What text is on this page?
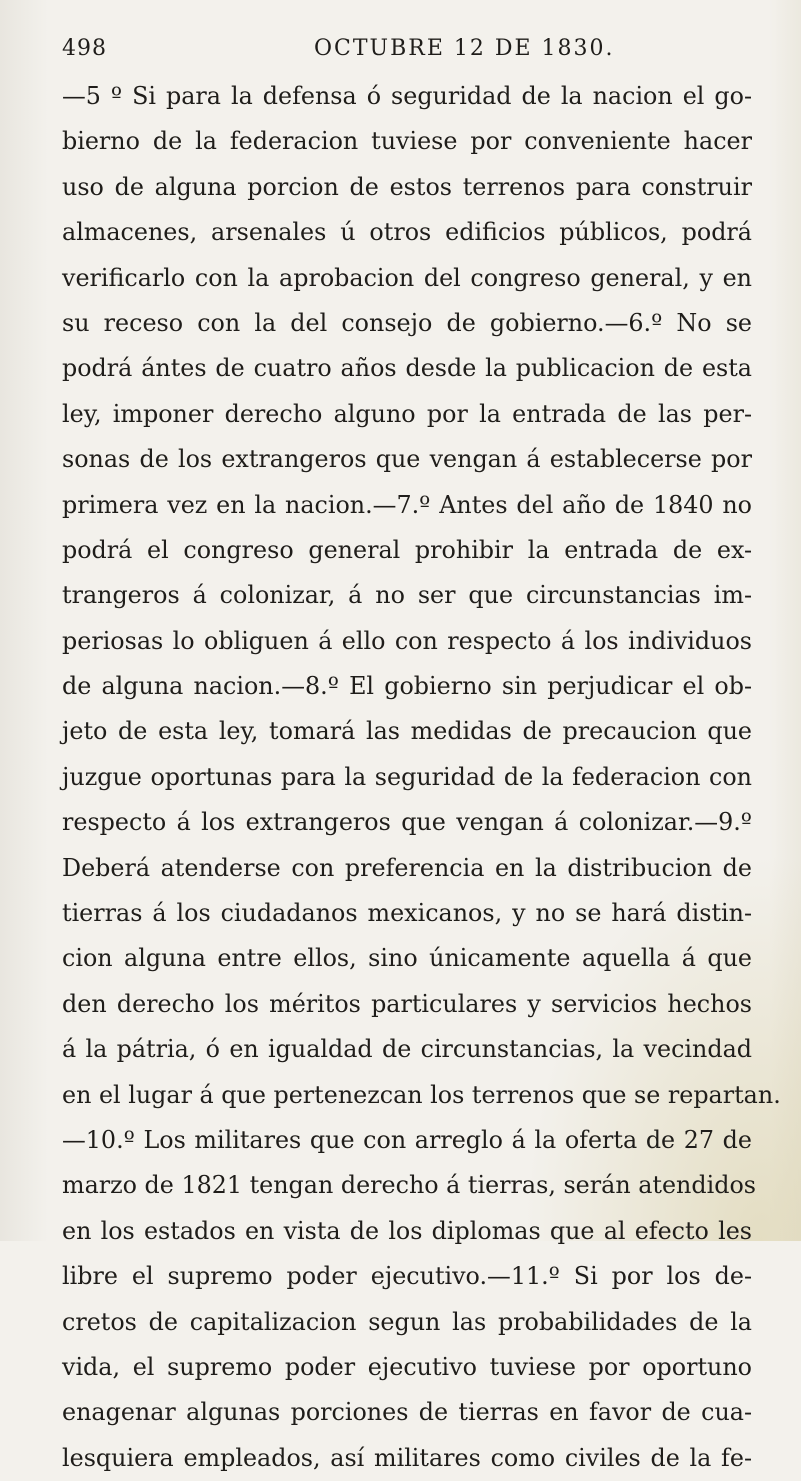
498	OCTUBRE 12 DE 1830.
—5 º Si para la defensa ó seguridad de la nacion el go-
bierno de la federacion tuviese por conveniente hacer
uso de alguna porcion de estos terrenos para construir
almacenes, arsenales ú otros edificios públicos, podrá
verificarlo con la aprobacion del congreso general, y en
su receso con la del consejo de gobierno.—6.º No se
podrá ántes de cuatro años desde la publicacion de esta
ley, imponer derecho alguno por la entrada de las per-
sonas de los extrangeros que vengan á establecerse por
primera vez en la nacion.—7.º Antes del año de 1840 no
podrá el congreso general prohibir la entrada de ex-
trangeros á colonizar, á no ser que circunstancias im-
periosas lo obliguen á ello con respecto á los individuos
de alguna nacion.—8.º El gobierno sin perjudicar el ob-
jeto de esta ley, tomará las medidas de precaucion que
juzgue oportunas para la seguridad de la federacion con
respecto á los extrangeros que vengan á colonizar.—9.º
Deberá atenderse con preferencia en la distribucion de
tierras á los ciudadanos mexicanos, y no se hará distin-
cion alguna entre ellos, sino únicamente aquella á que
den derecho los méritos particulares y servicios hechos
á la pátria, ó en igualdad de circunstancias, la vecindad
en el lugar á que pertenezcan los terrenos que se repartan.
—10.º Los militares que con arreglo á la oferta de 27 de
marzo de 1821 tengan derecho á tierras, serán atendidos
en los estados en vista de los diplomas que al efecto les
libre el supremo poder ejecutivo.—11.º Si por los de-
cretos de capitalizacion segun las probabilidades de la
vida, el supremo poder ejecutivo tuviese por oportuno
enagenar algunas porciones de tierras en favor de cua-
lesquiera empleados, así militares como civiles de la fe-
